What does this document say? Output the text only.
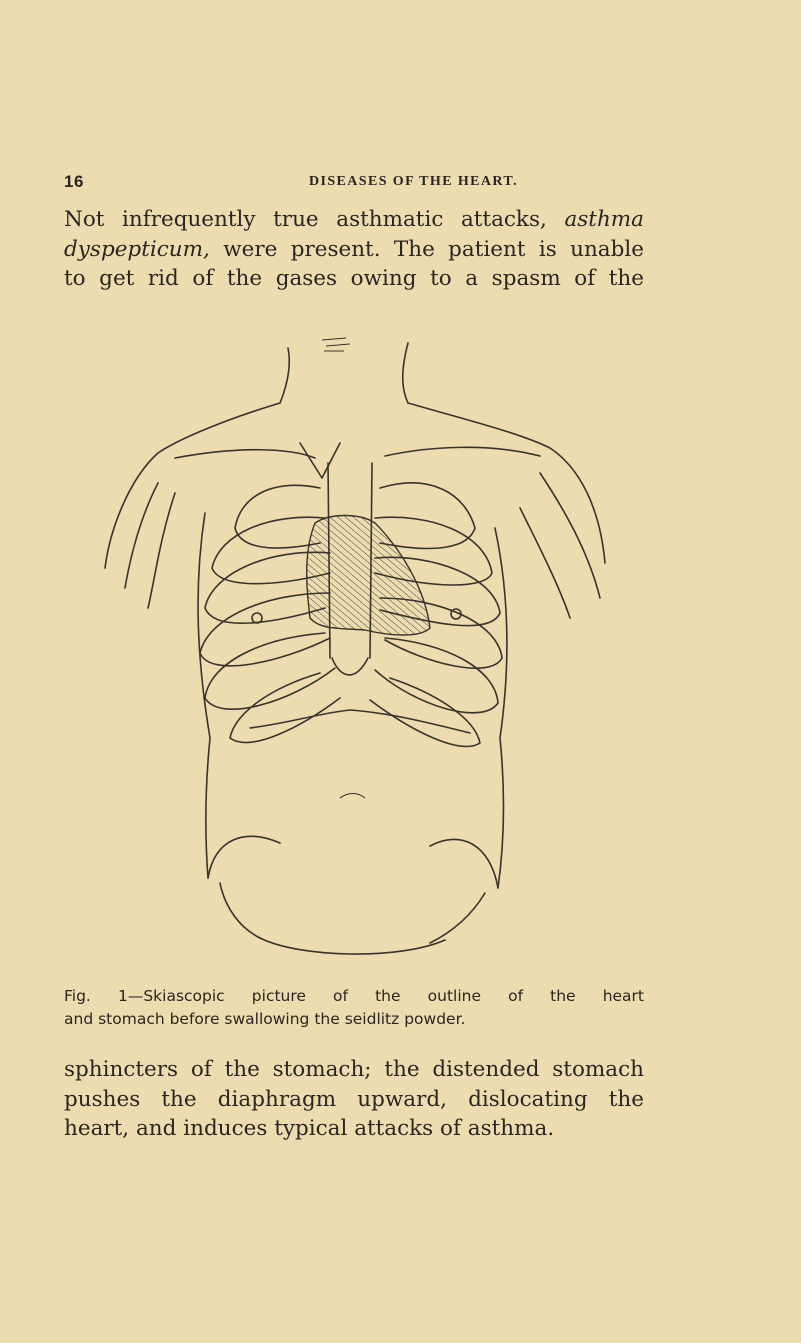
16	DISEASES OF THE HEART.
Not infrequently true asthmatic attacks, asthma
dyspepticum, were present. The patient is unable
to get rid of the gases owing to a spasm of the
Fig. 1—Skiascopic picture of the outline of the heart
and stomach before swallowing the seidlitz powder.
sphincters of the stomach; the distended stomach
pushes the diaphragm upward, dislocating the
heart, and induces typical attacks of asthma.
